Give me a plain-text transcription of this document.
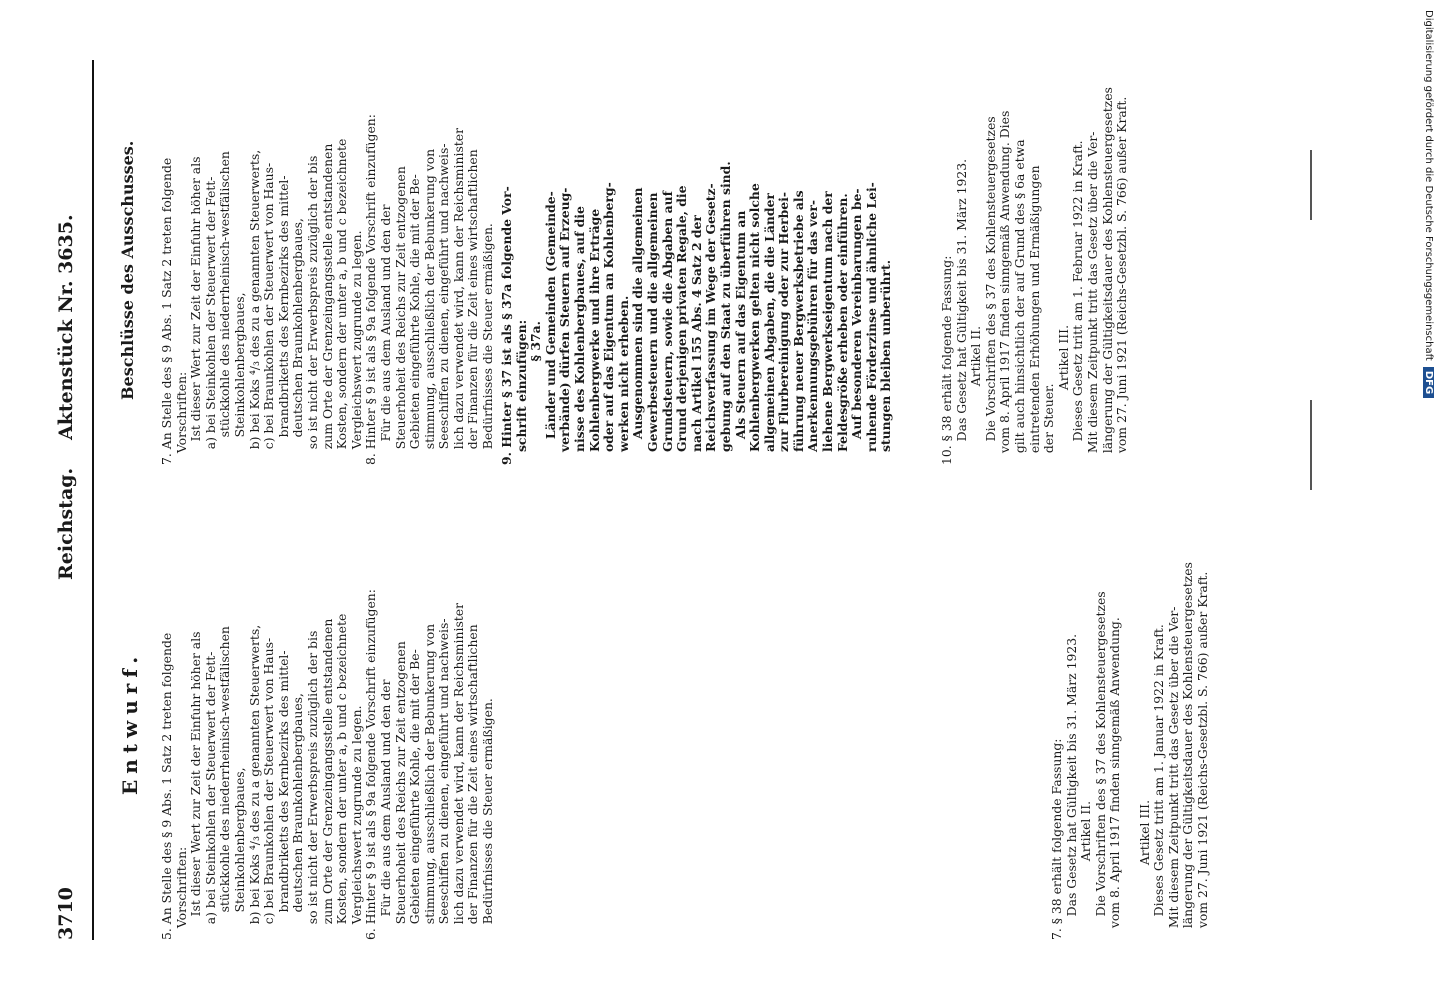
3710
Reichstag.
Aktenstück Nr. 3635.
Entwurf.
Beschlüsse des Ausschusses.
5. An Stelle des § 9 Abs. 1 Satz 2 treten folgende Vorschriften: Ist dieser Wert zur Zeit der Einfuhr höher als a) bei Steinkohlen der Steuerwert der Fett- stückkohle des niederrheinisch-westfälischen Steinkohlenbergbaues, b) bei Koks ⁴/₃ des zu a genannten Steuerwerts, c) bei Braunkohlen der Steuerwert von Haus- brandbriketts des Kernbezirks des mittel- deutschen Braunkohlenbergbaues, so ist nicht der Erwerbspreis zuzüglich der bis zum Orte der Grenzeingangsstelle entstandenen Kosten, sondern der unter a, b und c bezeichnete Vergleichswert zugrunde zu legen. 6. Hinter § 9 ist als § 9a folgende Vorschrift einzufügen: Für die aus dem Ausland und den der Steuerhoheit des Reichs zur Zeit entzogenen Gebieten eingeführte Kohle, die mit der Be- stimmung, ausschließlich der Bebunkerung von Seeschiffen zu dienen, eingeführt und nachweis- lich dazu verwendet wird, kann der Reichsminister der Finanzen für die Zeit eines wirtschaftlichen Bedürfnisses die Steuer ermäßigen.	7. § 38 erhält folgende Fassung: Das Gesetz hat Gültigkeit bis 31. März 1923. Artikel II. Die Vorschriften des § 37 des Kohlensteuergesetzes vom 8. April 1917 finden sinngemäß Anwendung.
Artikel III. Dieses Gesetz tritt am 1. Januar 1922 in Kraft. Mit diesem Zeitpunkt tritt das Gesetz über die Ver- längerung der Gültigkeitsdauer des Kohlensteuergesetzes vom 27. Juni 1921 (Reichs-Gesetzbl. S. 766) außer Kraft.
7. An Stelle des § 9 Abs. 1 Satz 2 treten folgende Vorschriften: Ist dieser Wert zur Zeit der Einfuhr höher als a) bei Steinkohlen der Steuerwert der Fett- stückkohle des niederrheinisch-westfälischen Steinkohlenbergbaues, b) bei Koks ⁴/₃ des zu a genannten Steuerwerts, c) bei Braunkohlen der Steuerwert von Haus- brandbriketts des Kernbezirks des mittel- deutschen Braunkohlenbergbaues, so ist nicht der Erwerbspreis zuzüglich der bis zum Orte der Grenzeingangsstelle entstandenen Kosten, sondern der unter a, b und c bezeichnete Vergleichswert zugrunde zu legen. 8. Hinter § 9 ist als § 9a folgende Vorschrift einzufügen: Für die aus dem Ausland und den der Steuerhoheit des Reichs zur Zeit entzogenen Gebieten eingeführte Kohle, die mit der Be- stimmung, ausschließlich der Bebunkerung von Seeschiffen zu dienen, eingeführt und nachweis- lich dazu verwendet wird, kann der Reichsminister der Finanzen für die Zeit eines wirtschaftlichen Bedürfnisses die Steuer ermäßigen. 9. Hinter § 37 ist als § 37a folgende Vor- schrift einzufügen: § 37a. Länder und Gemeinden (Gemeinde- verbände) dürfen Steuern auf Erzeug- nisse des Kohlenbergbaues, auf die Kohlenbergwerke und ihre Erträge oder auf das Eigentum an Kohlenberg- werken nicht erheben. Ausgenommen sind die allgemeinen Gewerbesteuern und die allgemeinen Grundsteuern, sowie die Abgaben auf Grund derjenigen privaten Regale, die nach Artikel 155 Abs. 4 Satz 2 der Reichsverfassung im Wege der Gesetz- gebung auf den Staat zu überführen sind. Als Steuern auf das Eigentum an Kohlenbergwerken gelten nicht solche allgemeinen Abgaben, die die Länder zur Flurbereinigung oder zur Herbei- führung neuer Bergwerksbetriebe als Anerkennungsgebühren für das ver- liehene Bergwerkseigentum nach der Feldesgröße erheben oder einführen. Auf besonderen Vereinbarungen be- ruhende Förderzinse und ähnliche Lei- stungen bleiben unberührt.	10. § 38 erhält folgende Fassung: Das Gesetz hat Gültigkeit bis 31. März 1923. Artikel II. Die Vorschriften des § 37 des Kohlensteuergesetzes vom 8. April 1917 finden sinngemäß Anwendung. Dies gilt auch hinsichtlich der auf Grund des § 6a etwa eintretenden Erhöhungen und Ermäßigungen der Steuer. Artikel III. Dieses Gesetz tritt am 1. Februar 1922 in Kraft. Mit diesem Zeitpunkt tritt das Gesetz über die Ver- längerung der Gültigkeitsdauer des Kohlensteuergesetzes vom 27. Juni 1921 (Reichs-Gesetzbl. S. 766) außer Kraft.	Digitalisierung gefördert durch die Deutsche ForschungsgemeinschaftDFG
